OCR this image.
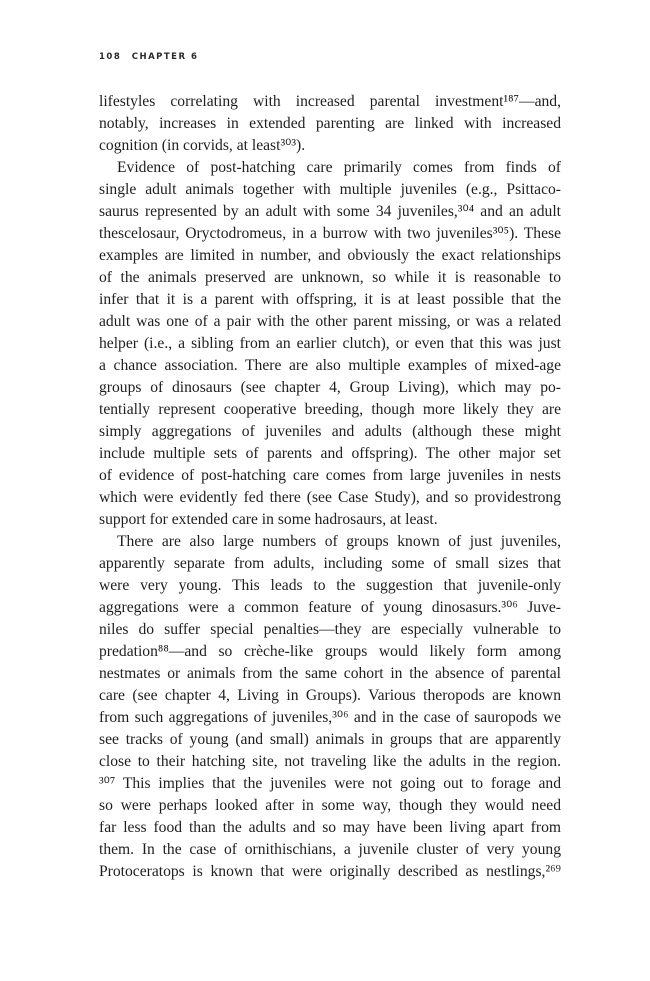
108 CHAPTER 6
lifestyles correlating with increased parental investment¹⁸⁷—and,
notably, increases in extended parenting are linked with increased
cognition (in corvids, at least³⁰³).
Evidence of post-hatching care primarily comes from finds of
single adult animals together with multiple juveniles (e.g., Psittaco-
saurus represented by an adult with some 34 juveniles,³⁰⁴ and an adult
thescelosaur, Oryctodromeus, in a burrow with two juveniles³⁰⁵). These
examples are limited in number, and obviously the exact relationships
of the animals preserved are unknown, so while it is reasonable to
infer that it is a parent with offspring, it is at least possible that the
adult was one of a pair with the other parent missing, or was a related
helper (i.e., a sibling from an earlier clutch), or even that this was just
a chance association. There are also multiple examples of mixed-age
groups of dinosaurs (see chapter 4, Group Living), which may po-
tentially represent cooperative breeding, though more likely they are
simply aggregations of juveniles and adults (although these might
include multiple sets of parents and offspring). The other major set
of evidence of post-hatching care comes from large juveniles in nests
which were evidently fed there (see Case Study), and so providestrong
support for extended care in some hadrosaurs, at least.
There are also large numbers of groups known of just juveniles,
apparently separate from adults, including some of small sizes that
were very young. This leads to the suggestion that juvenile-only
aggregations were a common feature of young dinosasurs.³⁰⁶ Juve-
niles do suffer special penalties—they are especially vulnerable to
predation⁸⁸—and so crèche-like groups would likely form among
nestmates or animals from the same cohort in the absence of parental
care (see chapter 4, Living in Groups). Various theropods are known
from such aggregations of juveniles,³⁰⁶ and in the case of sauropods we
see tracks of young (and small) animals in groups that are apparently
close to their hatching site, not traveling like the adults in the region.
³⁰⁷ This implies that the juveniles were not going out to forage and
so were perhaps looked after in some way, though they would need
far less food than the adults and so may have been living apart from
them. In the case of ornithischians, a juvenile cluster of very young
Protoceratops is known that were originally described as nestlings,²⁶⁹
